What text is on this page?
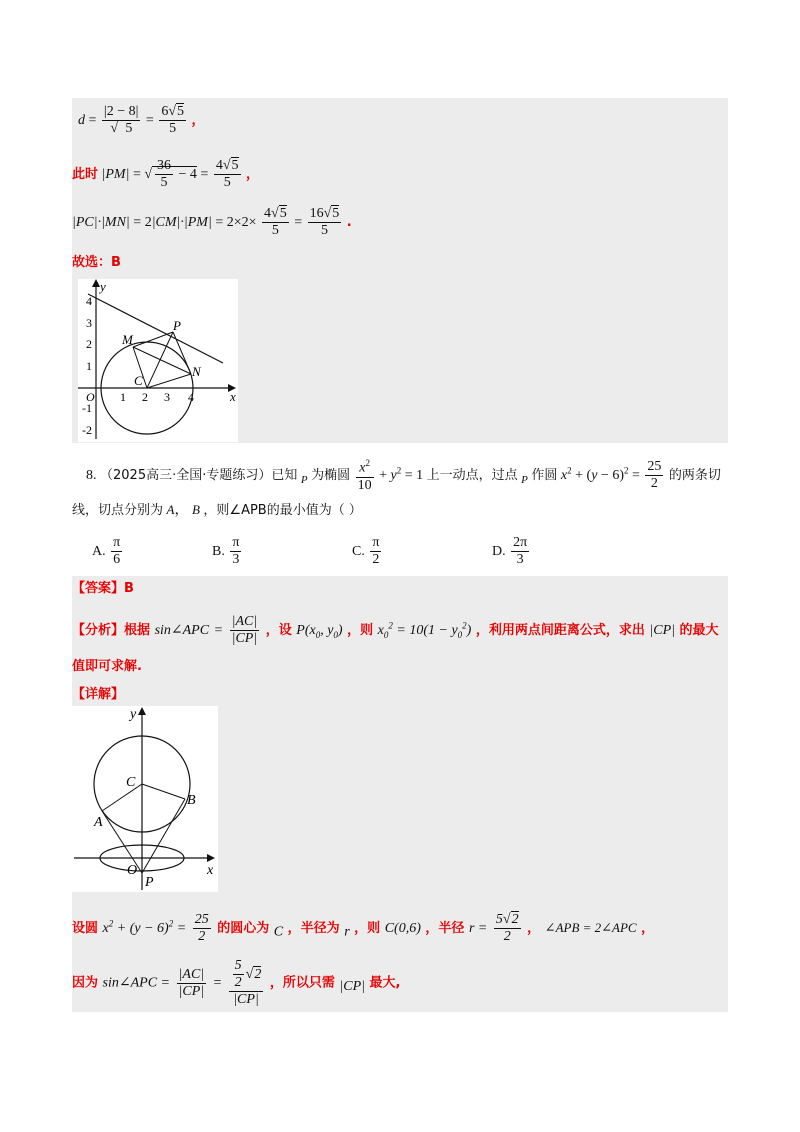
$d = \frac{|2 - 8|}{5√} = \frac{6√5}{5}$ ，
此时 |PM| = √ $\frac{36}{5} - 4 = \frac{4√5}{5}$ ，
$|PC|\cdot|MN| = 2|CM|\cdot|PM| = 2\times 2\times \frac{4√5}{5} = \frac{16√5}{5}$ .
故选：B
x
y
O 1 2 3 4
4
3
2
1
-1
-2
P
M
N
C
8. （2025高三·全国·专题练习）已知 $_P$ 为椭圆 $\frac{x^2}{10} + y^2 = 1$ 上一动点，过点 $_P$ 作圆 $x^2 + (y - 6)^2 = \frac{25}{2}$ 的两条切
线，切点分别为 A， B ，则∠APB的最小值为（ ）
A. $\frac{\pi}{6}$	B. $\frac{\pi}{3}$	C. $\frac{\pi}{2}$	D. $\frac{2\pi}{3}$
【答案】B
【分析】根据 sin∠APC = $\frac{|AC|}{|CP|}$ ，设 $P(x_0$, $y_0$) ，则 $x_0^2 = 10(1 - y_0^2)$ ，利用两点间距离公式，求出 |CP| 的最大
值即可求解.
【详解】
x
y
C
A
B
O
P
设圆 $x^2 + (y - 6)^2 = \frac{25}{2}$ 的圆心为 C ，半径为 r ，则 C(0,6) ，半径 $r = \frac{5√2}{2}$ ， ∠APB = 2∠APC ，
因为 sin∠APC = $\frac{|AC|}{|CP|} = \frac{\frac{5}{2} √2}{|CP|}$ ，所以只需 |CP| 最大,
